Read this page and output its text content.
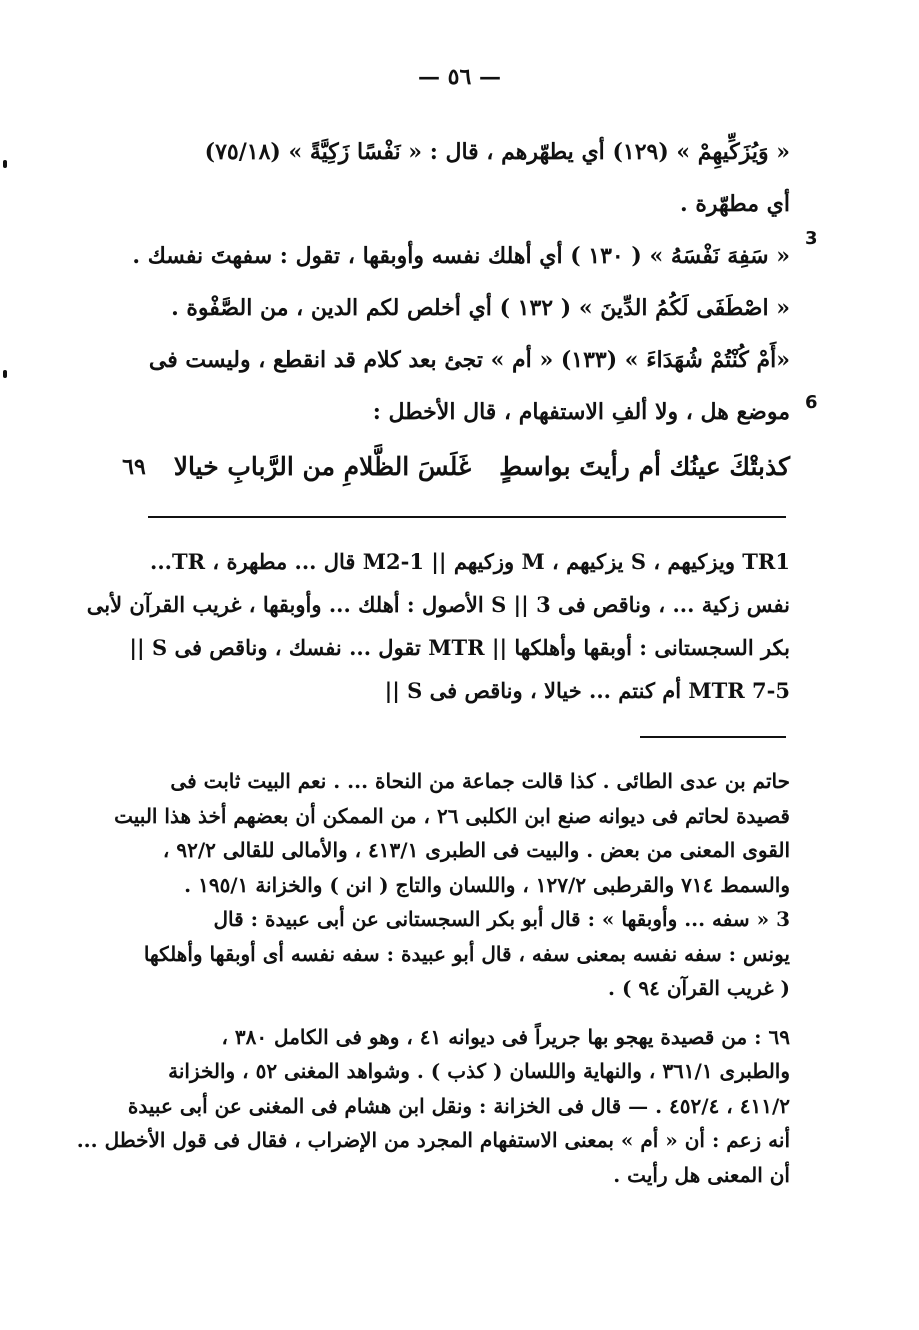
— ٥٦ —
3
6
« وَيُزَكِّيهِمْ » (١٢٩) أي يطهّرهم ، قال : « نَفْسًا زَكِيَّةً » (٧٥/١٨)
أي مطهّرة .
« سَفِهَ نَفْسَهُ » ( ١٣٠ ) أي أهلك نفسه وأوبقها ، تقول : سفهتَ نفسك .
« اصْطَفَى لَكُمُ الدِّينَ » ( ١٣٢ ) أي أخلص لكم الدين ، من الصَّفْوة .
«أَمْ كُنْتُمْ شُهَدَاءَ » (١٣٣) « أم » تجئ بعد كلام قد انقطع ، وليست فى
موضع هل ، ولا ألفِ الاستفهام ، قال الأخطل :
كذبتْكَ عينُك أم رأيتَ بواسطٍ
غَلَسَ الظَّلامِ من الرَّبابِ خيالا
٦٩
TR1 ويزكيهم ، S يزكيهم ، M وزكيهم || M2-1 قال ... مطهرة ، TR...
نفس زكية ... ، وناقص فى S || 3 الأصول : أهلك ... وأوبقها ، غريب القرآن لأبى
بكر السجستانى : أوبقها وأهلكها || MTR تقول ... نفسك ، وناقص فى S ||
MTR 7-5 أم كنتم ... خيالا ، وناقص فى S ||
حاتم بن عدى الطائى . كذا قالت جماعة من النحاة ... . نعم البيت ثابت فى
قصيدة لحاتم فى ديوانه صنع ابن الكلبى ٢٦ ، من الممكن أن بعضهم أخذ هذا البيت
القوى المعنى من بعض . والبيت فى الطبرى ٤١٣/١ ، والأمالى للقالى ٩٢/٢ ،
والسمط ٧١٤ والقرطبى ١٢٧/٢ ، واللسان والتاج ( انن ) والخزانة ١٩٥/١ .
3 « سفه ... وأوبقها » : قال أبو بكر السجستانى عن أبى عبيدة : قال
يونس : سفه نفسه بمعنى سفه ، قال أبو عبيدة : سفه نفسه أى أوبقها وأهلكها
( غريب القرآن ٩٤ ) .
٦٩ : من قصيدة يهجو بها جريراً فى ديوانه ٤١ ، وهو فى الكامل ٣٨٠ ،
والطبرى ٣٦١/١ ، والنهاية واللسان ( كذب ) . وشواهد المغنى ٥٢ ، والخزانة
٤١١/٢ ، ٤٥٢/٤ . — قال فى الخزانة : ونقل ابن هشام فى المغنى عن أبى عبيدة
أنه زعم : أن « أم » بمعنى الاستفهام المجرد من الإضراب ، فقال فى قول الأخطل ...
أن المعنى هل رأيت .
